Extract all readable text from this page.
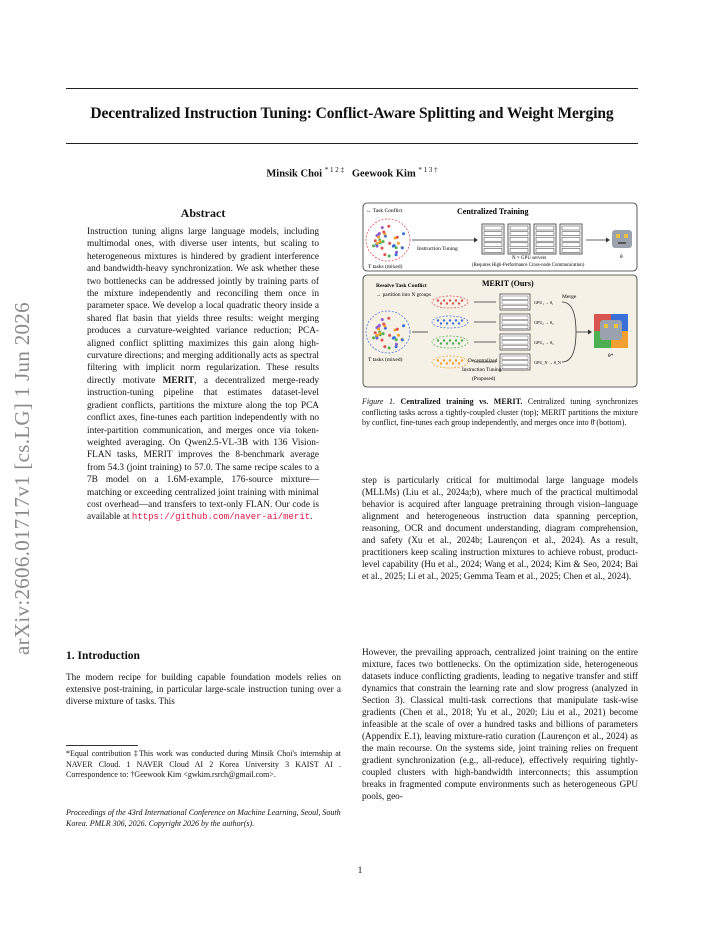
Decentralized Instruction Tuning: Conflict-Aware Splitting and Weight Merging
Minsik Choi $^{* 1 2 \ddagger}$ Geewook Kim $^{* 1 3 \dagger}$
arXiv:2606.01717v1 [cs.LG] 1 Jun 2026
Abstract
Instruction tuning aligns large language models, including multimodal ones, with diverse user intents, but scaling to heterogeneous mixtures is hindered by gradient interference and bandwidth-heavy synchronization. We ask whether these two bottlenecks can be addressed jointly by training parts of the mixture independently and reconciling them once in parameter space. We develop a local quadratic theory inside a shared flat basin that yields three results: weight merging produces a curvature-weighted variance reduction; PCA-aligned conflict splitting maximizes this gain along high-curvature directions; and merging additionally acts as spectral filtering with implicit norm regularization. These results directly motivate MERIT, a decentralized merge-ready instruction-tuning pipeline that estimates dataset-level gradient conflicts, partitions the mixture along the top PCA conflict axes, fine-tunes each partition independently with no inter-partition communication, and merges once via token-weighted averaging. On Qwen2.5-VL-3B with 136 Vision-FLAN tasks, MERIT improves the 8-benchmark average from 54.3 (joint training) to 57.0. The same recipe scales to a 7B model on a 1.6M-example, 176-source mixture—matching or exceeding centralized joint training with minimal cost overhead—and transfers to text-only FLAN. Our code is available at https://github.com/naver-ai/merit.
1. Introduction
The modern recipe for building capable foundation models relies on extensive post-training, in particular large-scale instruction tuning over a diverse mixture of tasks. This
*Equal contribution ‡This work was conducted during Minsik Choi's internship at NAVER Cloud. 1 NAVER Cloud AI 2 Korea University 3 KAIST AI . Correspondence to: †Geewook Kim <gwkim.rsrch@gmail.com>.
Proceedings of the 43rd International Conference on Machine Learning, Seoul, South Korea. PMLR 306, 2026. Copyright 2026 by the author(s).
↔ Task Conflict	Centralized Training
T tasks (mixed)
Instruction Tuning
N × GPU servers
(Requires High-Performance Cross-node Communication)
θ
Resolve Task Conflict
→ partition into N groups
MERIT (Ours)
T tasks (mixed)
GPU₁ → θ₁
GPU₂ → θ₂
GPU₃ → θ₃
GPU_N → θ_N
Decentralized
Instruction Tuning
(Proposed)
Merge
θ*
Figure 1. Centralized training vs. MERIT. Centralized tuning synchronizes conflicting tasks across a tightly-coupled cluster (top); MERIT partitions the mixture by conflict, fine-tunes each group independently, and merges once into θ̄ (bottom).
step is particularly critical for multimodal large language models (MLLMs) (Liu et al., 2024a;b), where much of the practical multimodal behavior is acquired after language pretraining through vision–language alignment and heterogeneous instruction data spanning perception, reasoning, OCR and document understanding, diagram comprehension, and safety (Xu et al., 2024b; Laurençon et al., 2024). As a result, practitioners keep scaling instruction mixtures to achieve robust, product-level capability (Hu et al., 2024; Wang et al., 2024; Kim & Seo, 2024; Bai et al., 2025; Li et al., 2025; Gemma Team et al., 2025; Chen et al., 2024).
However, the prevailing approach, centralized joint training on the entire mixture, faces two bottlenecks. On the optimization side, heterogeneous datasets induce conflicting gradients, leading to negative transfer and stiff dynamics that constrain the learning rate and slow progress (analyzed in Section 3). Classical multi-task corrections that manipulate task-wise gradients (Chen et al., 2018; Yu et al., 2020; Liu et al., 2021) become infeasible at the scale of over a hundred tasks and billions of parameters (Appendix E.1), leaving mixture-ratio curation (Laurençon et al., 2024) as the main recourse. On the systems side, joint training relies on frequent gradient synchronization (e.g., all-reduce), effectively requiring tightly-coupled clusters with high-bandwidth interconnects; this assumption breaks in fragmented compute environments such as heterogeneous GPU pools, geo-
1
